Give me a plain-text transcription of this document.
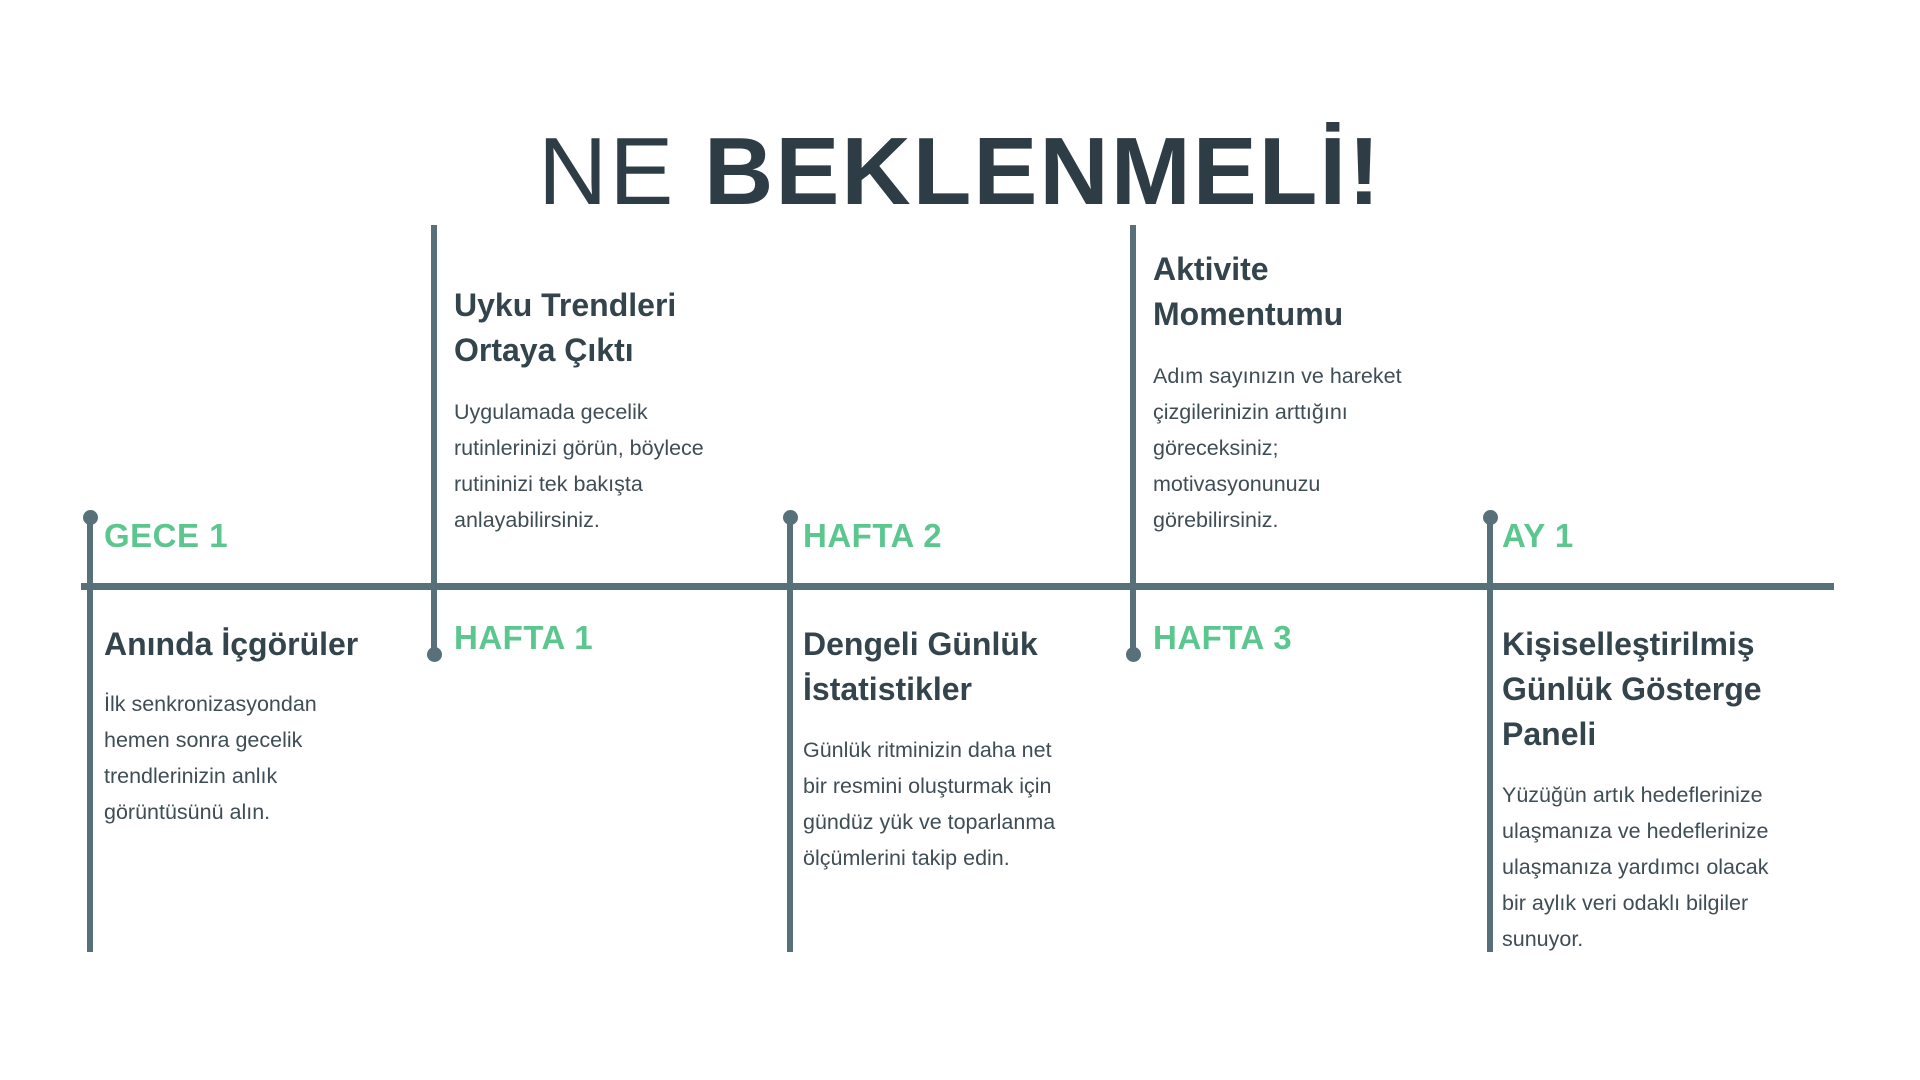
NE BEKLENMELİ!
GECE 1
Anında İçgörüler
İlk senkronizasyondan
hemen sonra gecelik
trendlerinizin anlık
görüntüsünü alın.
HAFTA 1
Uyku Trendleri
Ortaya Çıktı
Uygulamada gecelik
rutinlerinizi görün, böylece
rutininizi tek bakışta
anlayabilirsiniz.	HAFTA 2
Dengeli Günlük
İstatistikler
Günlük ritminizin daha net
bir resmini oluşturmak için
gündüz yük ve toparlanma
ölçümlerini takip edin.
HAFTA 3
Aktivite
Momentumu
Adım sayınızın ve hareket
çizgilerinizin arttığını
göreceksiniz;
motivasyonunuzu
görebilirsiniz.	AY 1
Kişiselleştirilmiş
Günlük Gösterge
Paneli
Yüzüğün artık hedeflerinize
ulaşmanıza ve hedeflerinize
ulaşmanıza yardımcı olacak
bir aylık veri odaklı bilgiler
sunuyor.
